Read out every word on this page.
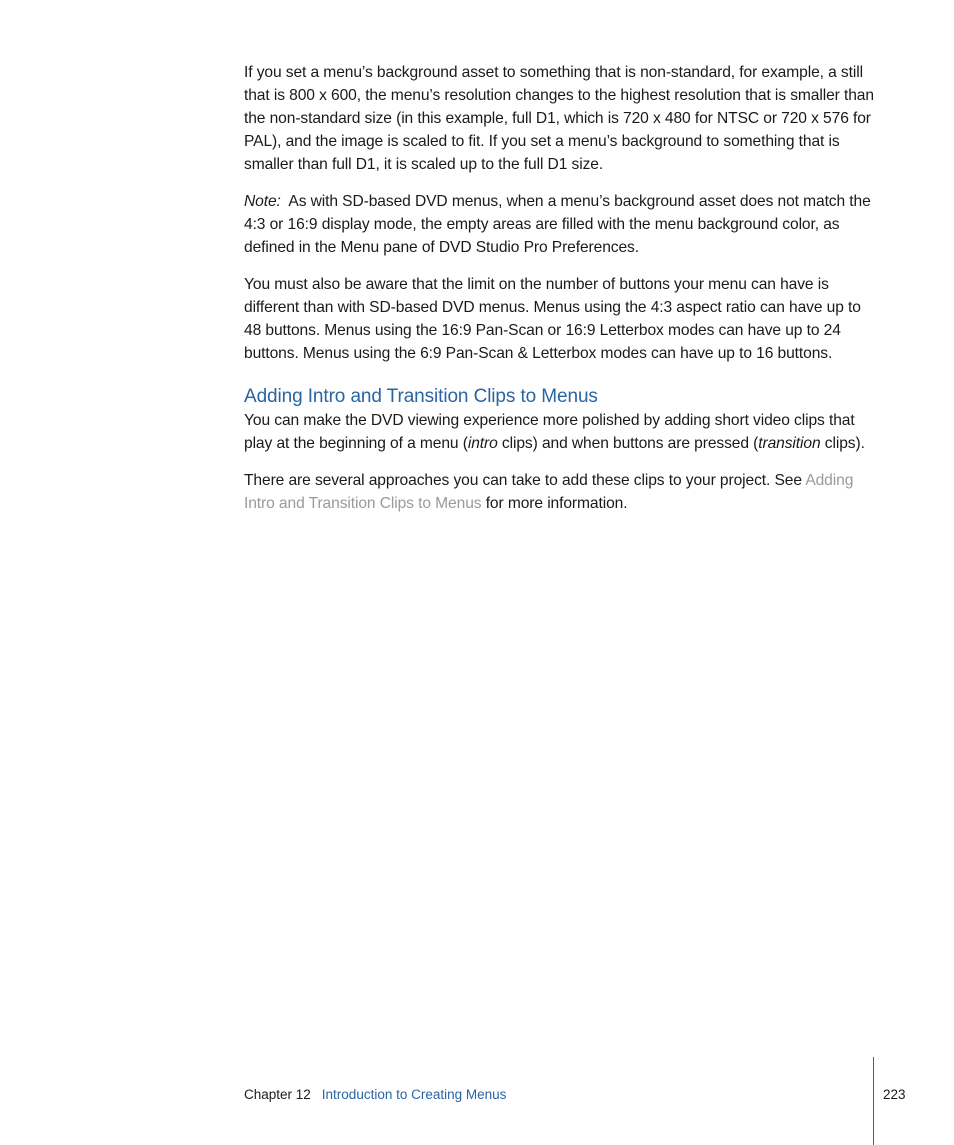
If you set a menu’s background asset to something that is non-standard, for example, a still that is 800 x 600, the menu’s resolution changes to the highest resolution that is smaller than the non-standard size (in this example, full D1, which is 720 x 480 for NTSC or 720 x 576 for PAL), and the image is scaled to fit. If you set a menu’s background to something that is smaller than full D1, it is scaled up to the full D1 size.

Note: As with SD-based DVD menus, when a menu’s background asset does not match the 4:3 or 16:9 display mode, the empty areas are filled with the menu background color, as defined in the Menu pane of DVD Studio Pro Preferences.

You must also be aware that the limit on the number of buttons your menu can have is different than with SD-based DVD menus. Menus using the 4:3 aspect ratio can have up to 48 buttons. Menus using the 16:9 Pan-Scan or 16:9 Letterbox modes can have up to 24 buttons. Menus using the 6:9 Pan-Scan & Letterbox modes can have up to 16 buttons.

Adding Intro and Transition Clips to Menus

You can make the DVD viewing experience more polished by adding short video clips that play at the beginning of a menu (intro clips) and when buttons are pressed (transition clips).

There are several approaches you can take to add these clips to your project. See Adding Intro and Transition Clips to Menus for more information.

Chapter 12 Introduction to Creating Menus	223
